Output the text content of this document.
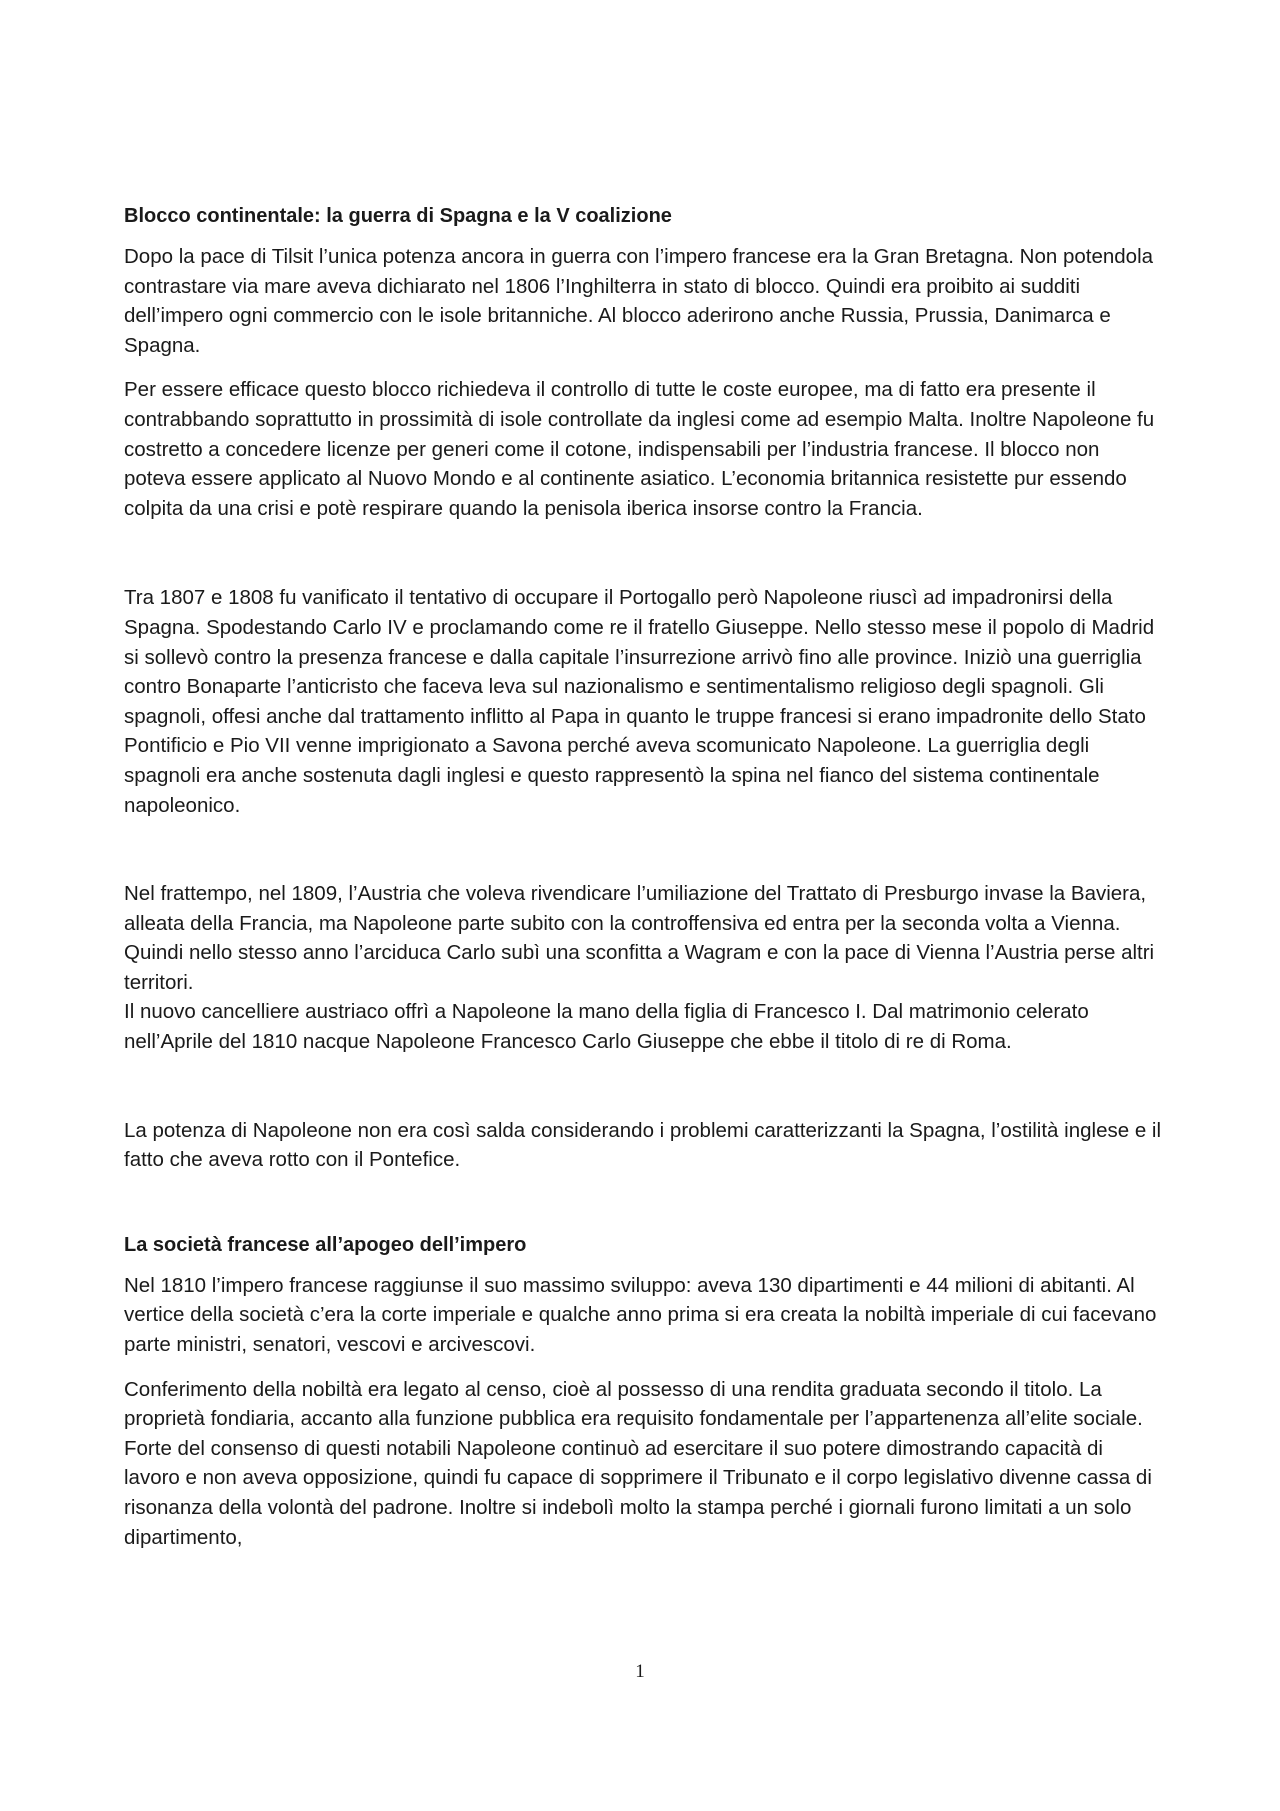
Blocco continentale: la guerra di Spagna e la V coalizione

Dopo la pace di Tilsit l’unica potenza ancora in guerra con l’impero francese era la Gran Bretagna. Non potendola contrastare via mare aveva dichiarato nel 1806 l’Inghilterra in stato di blocco. Quindi era proibito ai sudditi dell’impero ogni commercio con le isole britanniche. Al blocco aderirono anche Russia, Prussia, Danimarca e Spagna.

Per essere efficace questo blocco richiedeva il controllo di tutte le coste europee, ma di fatto era presente il contrabbando soprattutto in prossimità di isole controllate da inglesi come ad esempio Malta. Inoltre Napoleone fu costretto a concedere licenze per generi come il cotone, indispensabili per l’industria francese. Il blocco non poteva essere applicato al Nuovo Mondo e al continente asiatico. L’economia britannica resistette pur essendo colpita da una crisi e potè respirare quando la penisola iberica insorse contro la Francia.

Tra 1807 e 1808 fu vanificato il tentativo di occupare il Portogallo però Napoleone riuscì ad impadronirsi della Spagna. Spodestando Carlo IV e proclamando come re il fratello Giuseppe. Nello stesso mese il popolo di Madrid si sollevò contro la presenza francese e dalla capitale l’insurrezione arrivò fino alle province. Iniziò una guerriglia contro Bonaparte l’anticristo che faceva leva sul nazionalismo e sentimentalismo religioso degli spagnoli. Gli spagnoli, offesi anche dal trattamento inflitto al Papa in quanto le truppe francesi si erano impadronite dello Stato Pontificio e Pio VII venne imprigionato a Savona perché aveva scomunicato Napoleone. La guerriglia degli spagnoli era anche sostenuta dagli inglesi e questo rappresentò la spina nel fianco del sistema continentale napoleonico.

Nel frattempo, nel 1809, l’Austria che voleva rivendicare l’umiliazione del Trattato di Presburgo invase la Baviera, alleata della Francia, ma Napoleone parte subito con la controffensiva ed entra per la seconda volta a Vienna. Quindi nello stesso anno l’arciduca Carlo subì una sconfitta a Wagram e con la pace di Vienna l’Austria perse altri territori.

Il nuovo cancelliere austriaco offrì a Napoleone la mano della figlia di Francesco I. Dal matrimonio celerato nell’Aprile del 1810 nacque Napoleone Francesco Carlo Giuseppe che ebbe il titolo di re di Roma.

La potenza di Napoleone non era così salda considerando i problemi caratterizzanti la Spagna, l’ostilità inglese e il fatto che aveva rotto con il Pontefice.

La società francese all’apogeo dell’impero

Nel 1810 l’impero francese raggiunse il suo massimo sviluppo: aveva 130 dipartimenti e 44 milioni di abitanti. Al vertice della società c’era la corte imperiale e qualche anno prima si era creata la nobiltà imperiale di cui facevano parte ministri, senatori, vescovi e arcivescovi.

Conferimento della nobiltà era legato al censo, cioè al possesso di una rendita graduata secondo il titolo. La proprietà fondiaria, accanto alla funzione pubblica era requisito fondamentale per l’appartenenza all’elite sociale. Forte del consenso di questi notabili Napoleone continuò ad esercitare il suo potere dimostrando capacità di lavoro e non aveva opposizione, quindi fu capace di sopprimere il Tribunato e il corpo legislativo divenne cassa di risonanza della volontà del padrone. Inoltre si indebolì molto la stampa perché i giornali furono limitati a un solo dipartimento,

1
